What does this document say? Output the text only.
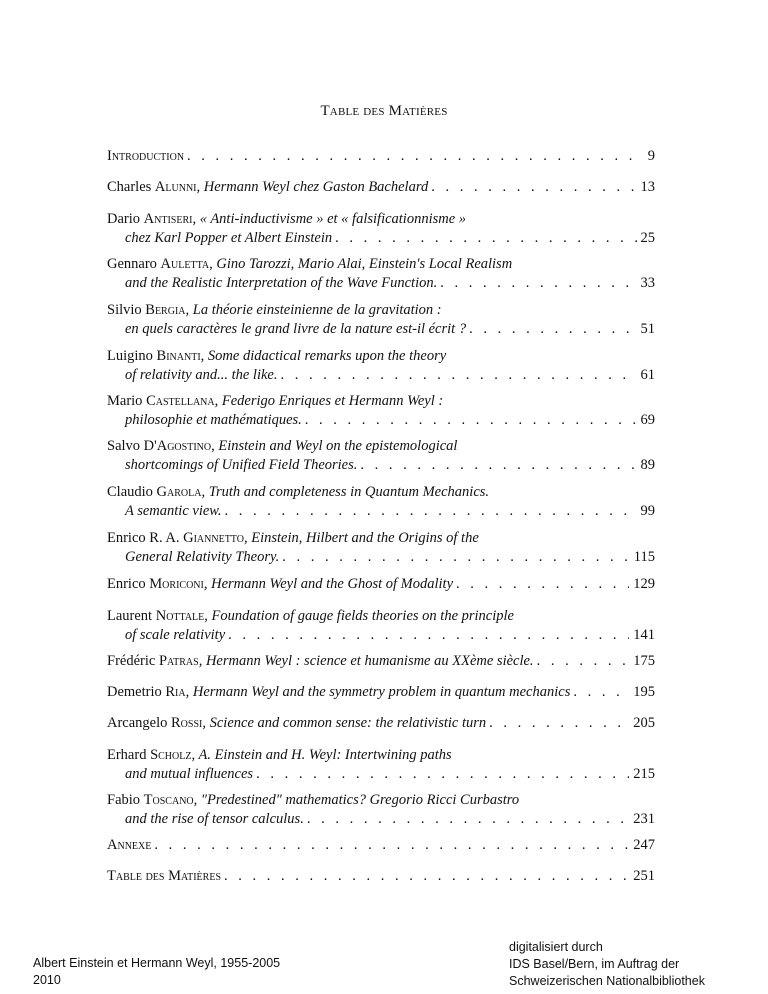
Table des Matières
Introduction . . .	9
Charles Alunni, Hermann Weyl chez Gaston Bachelard . . .	13
Dario Antiseri, « Anti-inductivisme » et « falsificationnisme »
chez Karl Popper et Albert Einstein . . .	25
Gennaro Auletta, Gino Tarozzi, Mario Alai, Einstein's Local Realism
and the Realistic Interpretation of the Wave Function. . . .	33
Silvio Bergia, La théorie einsteinienne de la gravitation :
en quels caractères le grand livre de la nature est-il écrit ? . . .	51
Luigino Binanti, Some didactical remarks upon the theory
of relativity and... the like. . . .	61
Mario Castellana, Federigo Enriques et Hermann Weyl :
philosophie et mathématiques. . . .	69
Salvo D'Agostino, Einstein and Weyl on the epistemological
shortcomings of Unified Field Theories. . . .	89
Claudio Garola, Truth and completeness in Quantum Mechanics.
A semantic view. . . .	99
Enrico R. A. Giannetto, Einstein, Hilbert and the Origins of the
General Relativity Theory. . . .	115
Enrico Moriconi, Hermann Weyl and the Ghost of Modality . . .	129
Laurent Nottale, Foundation of gauge fields theories on the principle
of scale relativity . . .	141
Frédéric Patras, Hermann Weyl : science et humanisme au XXème siècle. . . .	175
Demetrio Ria, Hermann Weyl and the symmetry problem in quantum mechanics . . .	195
Arcangelo Rossi, Science and common sense: the relativistic turn . . .	205
Erhard Scholz, A. Einstein and H. Weyl: Intertwining paths
and mutual influences . . .	215
Fabio Toscano, "Predestined" mathematics? Gregorio Ricci Curbastro
and the rise of tensor calculus. . . .	231
Annexe . . .	247
Table des Matières . . .	251
Albert Einstein et Hermann Weyl, 1955-2005
2010
digitalisiert durch
IDS Basel/Bern, im Auftrag der
Schweizerischen Nationalbibliothek
